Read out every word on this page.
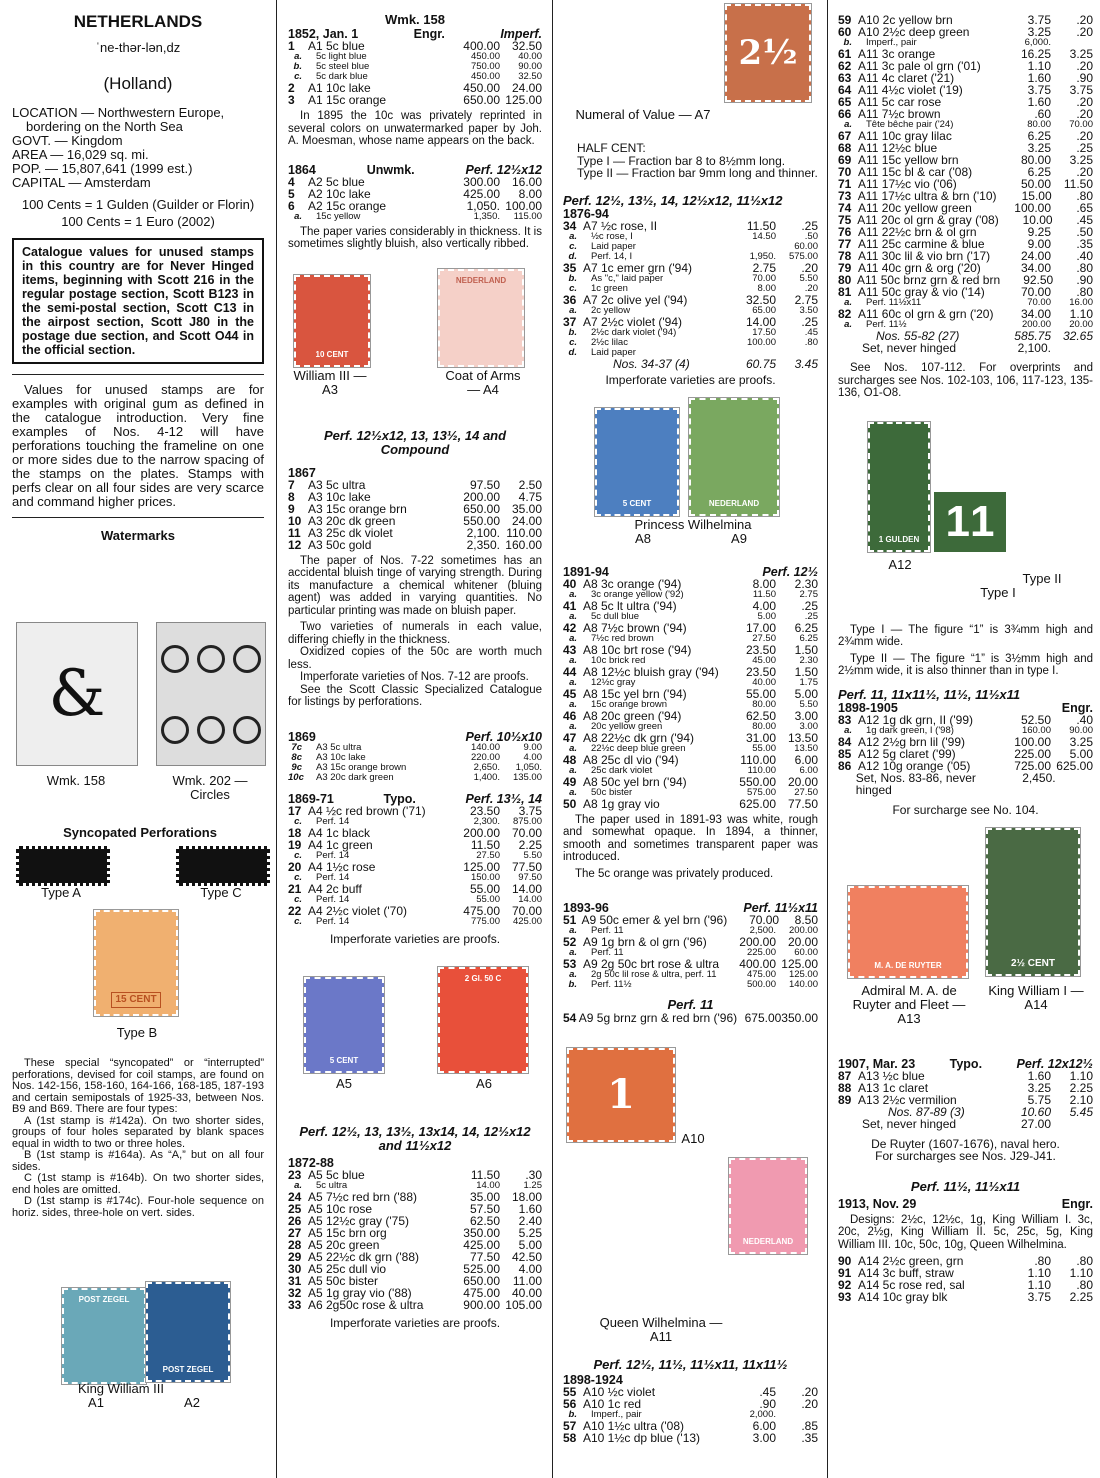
NETHERLANDS
ˈne-thər-lən,dz
(Holland)
LOCATION — Northwestern Europe, bordering on the North Sea
GOVT. — Kingdom
AREA — 16,029 sq. mi.
POP. — 15,807,641 (1999 est.)
CAPITAL — Amsterdam
100 Cents = 1 Gulden (Guilder or Florin)
100 Cents = 1 Euro (2002)
Catalogue values for unused stamps in this country are for Never Hinged items, beginning with Scott 216 in the regular postage section, Scott B123 in the semi-postal section, Scott C13 in the airpost section, Scott J80 in the postage due section, and Scott O44 in the official section.

Values for unused stamps are for examples with original gum as defined in the catalogue introduction. Very fine examples of Nos. 4-12 will have perforations touching the frameline on one or more sides due to the narrow spacing of the stamps on the plates. Stamps with perfs clear on all four sides are very scarce and command higher prices.

Watermarks
&
Wmk. 158	Wmk. 202 — Circles
Syncopated Perforations
Type A	Type C
15 CENT
Type B

These special “syncopated” or “interrupted” perforations, devised for coil stamps, are found on Nos. 142-156, 158-160, 164-166, 168-185, 187-193 and certain semipostals of 1925-33, between Nos. B9 and B69. There are four types:

A (1st stamp is #142a). On two shorter sides, groups of four holes separated by blank spaces equal in width to two or three holes.

B (1st stamp is #164a). As “A,” but on all four sides.

C (1st stamp is #164b). On two shorter sides, end holes are omitted.

D (1st stamp is #174c). Four-hole sequence on horiz. sides, three-hole on vert. sides.

POST ZEGEL
POST ZEGEL
King William III
A1	A2
Wmk. 158
1852, Jan. 1	Engr.	Imperf.
1	A1 5c blue	400.00 32.50
a.	5c light blue	450.00	40.00
b.	5c steel blue	750.00	90.00
c.	5c dark blue	450.00	32.50
2	A1 10c lake	450.00 24.00
3	A1 15c orange	650.00 125.00

In 1895 the 10c was privately reprinted in several colors on unwatermarked paper by Joh. A. Moesman, whose name appears on the back.

1864	Unwmk.	Perf. 12½x12
4	A2 5c blue	300.00 16.00
5	A2 10c lake	425.00	8.00
6	A2 15c orange	1,050. 100.00
a.	15c yellow	1,350.	115.00

The paper varies considerably in thickness. It is sometimes slightly bluish, also vertically ribbed.

10 CENT
NEDERLAND
William III — A3
Coat of Arms — A4
Perf. 12½x12, 13, 13½, 14 and Compound
1867
7	A3 5c ultra	97.50	2.50
8	A3 10c lake	200.00	4.75
9	A3 15c orange brn	650.00 35.00
10 A3 20c dk green	550.00 24.00
11 A3 25c dk violet	2,100. 110.00
12 A3 50c gold	2,350. 160.00

The paper of Nos. 7-22 sometimes has an accidental bluish tinge of varying strength. During its manufacture a chemical whitener (bluing agent) was added in varying quantities. No particular printing was made on bluish paper.

Two varieties of numerals in each value, differing chiefly in the thickness.

Oxidized copies of the 50c are worth much less.

Imperforate varieties of Nos. 7-12 are proofs.

See the Scott Classic Specialized Catalogue for listings by perforations.

1869	Perf. 10½x10
7c	A3 5c ultra	140.00	9.00
8c	A3 10c lake	220.00	4.00
9c	A3 15c orange brown	2,650.	1,050.
10c	A3 20c dark green	1,400.	135.00
1869-71	Typo.	Perf. 13½, 14
17 A4 ½c red brown ('71)	23.50	3.75
c.	Perf. 14	2,300.	875.00
18 A4 1c black	200.00 70.00
19 A4 1c green	11.50	2.25
c.	Perf. 14	27.50	5.50
20 A4 1½c rose	125.00 77.50
c.	Perf. 14	150.00	97.50
21 A4 2c buff	55.00 14.00
c.	Perf. 14	55.00	14.00
22 A4 2½c violet ('70)	475.00 70.00
c.	Perf. 14	775.00	425.00

Imperforate varieties are proofs.

5 CENT
2 Gl. 50 C
A5	A6
Perf. 12½, 13, 13½, 13x14, 14, 12½x12 and 11½x12
1872-88
23 A5 5c blue	11.50	.30
a.	5c ultra	14.00	1.25
24 A5 7½c red brn ('88)	35.00 18.00
25 A5 10c rose	57.50	1.60
26 A5 12½c gray ('75)	62.50	2.40
27 A5 15c brn org	350.00	5.25
28 A5 20c green	425.00	5.00
29 A5 22½c dk grn ('88)	77.50 42.50
30 A5 25c dull vio	525.00	4.00
31 A5 50c bister	650.00	11.00
32 A5 1g gray vio ('88)	475.00 40.00
33 A6 2g50c rose & ultra	900.00 105.00

Imperforate varieties are proofs.

2½
Numeral of Value — A7
HALF CENT:
Type I — Fraction bar 8 to 8½mm long.
Type II — Fraction bar 9mm long and thinner.
Perf. 12½, 13½, 14, 12½x12, 11½x12
1876-94
34 A7 ½c rose, II	11.50	.25
a.	½c rose, I	14.50	.50
c.	Laid paper	60.00
d.	Perf. 14, I	1,950.	575.00
35 A7 1c emer grn ('94)	2.75	.20
b.	As "c," laid paper	70.00	5.50
c.	1c green	8.00	.20
36 A7 2c olive yel ('94)	32.50	2.75
a.	2c yellow	65.00	3.50
37 A7 2½c violet ('94)	14.00	.25
b.	2½c dark violet ('94)	17.50	.45
c.	2½c lilac	100.00	.80
d.	Laid paper
Nos. 34-37 (4)	60.75	3.45

Imperforate varieties are proofs.

5 CENT	NEDERLAND
Princess Wilhelmina
A8	A9
1891-94	Perf. 12½
40 A8 3c orange ('94)	8.00	2.30
a.	3c orange yellow ('92)	11.50	2.75
41 A8 5c lt ultra ('94)	4.00	.25
a.	5c dull blue	5.00	.25
42 A8 7½c brown ('94)	17.00	6.25
a.	7½c red brown	27.50	6.25
43 A8 10c brt rose ('94)	23.50	1.50
a.	10c brick red	45.00	2.30
44 A8 12½c bluish gray ('94)	23.50	1.50
a.	12½c gray	40.00	1.75
45 A8 15c yel brn ('94)	55.00	5.00
a.	15c orange brown	80.00	5.50
46 A8 20c green ('94)	62.50	3.00
a.	20c yellow green	80.00	3.00
47 A8 22½c dk grn ('94)	31.00 13.50
a.	22½c deep blue green	55.00	13.50
48 A8 25c dl vio ('94)	110.00	6.00
a.	25c dark violet	110.00	6.00
49 A8 50c yel brn ('94)	550.00 20.00
a.	50c bister	575.00	27.50
50 A8 1g gray vio	625.00 77.50

The paper used in 1891-93 was white, rough and somewhat opaque. In 1894, a thinner, smooth and sometimes transparent paper was introduced.

The 5c orange was privately produced.

1893-96	Perf. 11½x11
51 A9 50c emer & yel brn ('96)	70.00	8.50
a.	Perf. 11	2,500.	200.00
52 A9 1g brn & ol grn ('96)	200.00 20.00
a.	Perf. 11	225.00	60.00
53 A9 2g 50c brt rose & ultra	400.00 125.00
a.	2g 50c lil rose & ultra, perf. 11	475.00	125.00
b.	Perf. 11½	500.00	140.00
Perf. 11
54 A9 5g brnz grn & red brn ('96) 675.00 350.00
1
A10
NEDERLAND
Queen Wilhelmina — A11
Perf. 12½, 11½, 11½x11, 11x11½
1898-1924
55 A10 ½c violet	.45	.20
56 A10 1c red	.90	.20
b.	Imperf., pair	2,000.
57 A10 1½c ultra ('08)	6.00	.85
58 A10 1½c dp blue ('13)	3.00	.35
59 A10 2c yellow brn	3.75	.20
60 A10 2½c deep green	3.25	.20
b.	Imperf., pair	6,000.
61 A11 3c orange	16.25	3.25
62 A11 3c pale ol grn ('01)	1.10	.20
63 A11 4c claret ('21)	1.60	.90
64 A11 4½c violet ('19)	3.75	3.75
65 A11 5c car rose	1.60	.20
66 A11 7½c brown	.60	.20
a.	Tête bêche pair ('24)	80.00	70.00
67 A11 10c gray lilac	6.25	.20
68 A11 12½c blue	3.25	.25
69 A11 15c yellow brn	80.00	3.25
70 A11 15c bl & car ('08)	6.25	.20
71 A11 17½c vio ('06)	50.00	11.50
73 A11 17½c ultra & brn ('10)	15.00	.80
74 A11 20c yellow green	100.00	.65
75 A11 20c ol grn & gray ('08)	10.00	.45
76 A11 22½c brn & ol grn	9.25	.50
77 A11 25c carmine & blue	9.00	.35
78 A11 30c lil & vio brn ('17)	24.00	.40
79 A11 40c grn & org ('20)	34.00	.80
80 A11 50c brnz grn & red brn	92.50	.90
81 A11 50c gray & vio ('14)	70.00	.80
a.	Perf. 11½x11	70.00	16.00
82 A11 60c ol grn & grn ('20)	34.00	1.10
a.	Perf. 11½	200.00	20.00
Nos. 55-82 (27)	585.75 32.65
Set, never hinged	2,100.

See Nos. 107-112. For overprints and surcharges see Nos. 102-103, 106, 117-123, 135-136, O1-O8.

1 GULDEN 1 1
A12
Type I
Type II

Type I — The figure “1” is 3¾mm high and 2¾mm wide.

Type II — The figure “1” is 3½mm high and 2½mm wide, it is also thinner than in type I.

Perf. 11, 11x11½, 11½, 11½x11
1898-1905	Engr.
83 A12 1g dk grn, II ('99)	52.50	.40
a.	1g dark green, I ('98)	160.00	90.00
84 A12 2½g brn lil ('99)	100.00	3.25
85 A12 5g claret ('99)	225.00	5.00
86 A12 10g orange ('05)	725.00 625.00
Set, Nos. 83-86, never hinged
2,450.

For surcharge see No. 104.

M. A. DE RUYTER	2½ CENT
Admiral M. A. de Ruyter and Fleet — A13
King William I — A14
1907, Mar. 23	Typo.	Perf. 12x12½
87 A13 ½c blue	1.60	1.10
88 A13 1c claret	3.25	2.25
89 A13 2½c vermilion	5.75	2.10
Nos. 87-89 (3)	10.60	5.45
Set, never hinged	27.00

De Ruyter (1607-1676), naval hero.

For surcharges see Nos. J29-J41.

Perf. 11½, 11½x11
1913, Nov. 29	Engr.

Designs: 2½c, 12½c, 1g, King William I. 3c, 20c, 2½g, King William II. 5c, 25c, 5g, King William III. 10c, 50c, 10g, Queen Wilhelmina.

90 A14 2½c green, grn	.80	.80
91 A14 3c buff, straw	1.10	1.10
92 A14 5c rose red, sal	1.10	.80
93 A14 10c gray blk	3.75	2.25
